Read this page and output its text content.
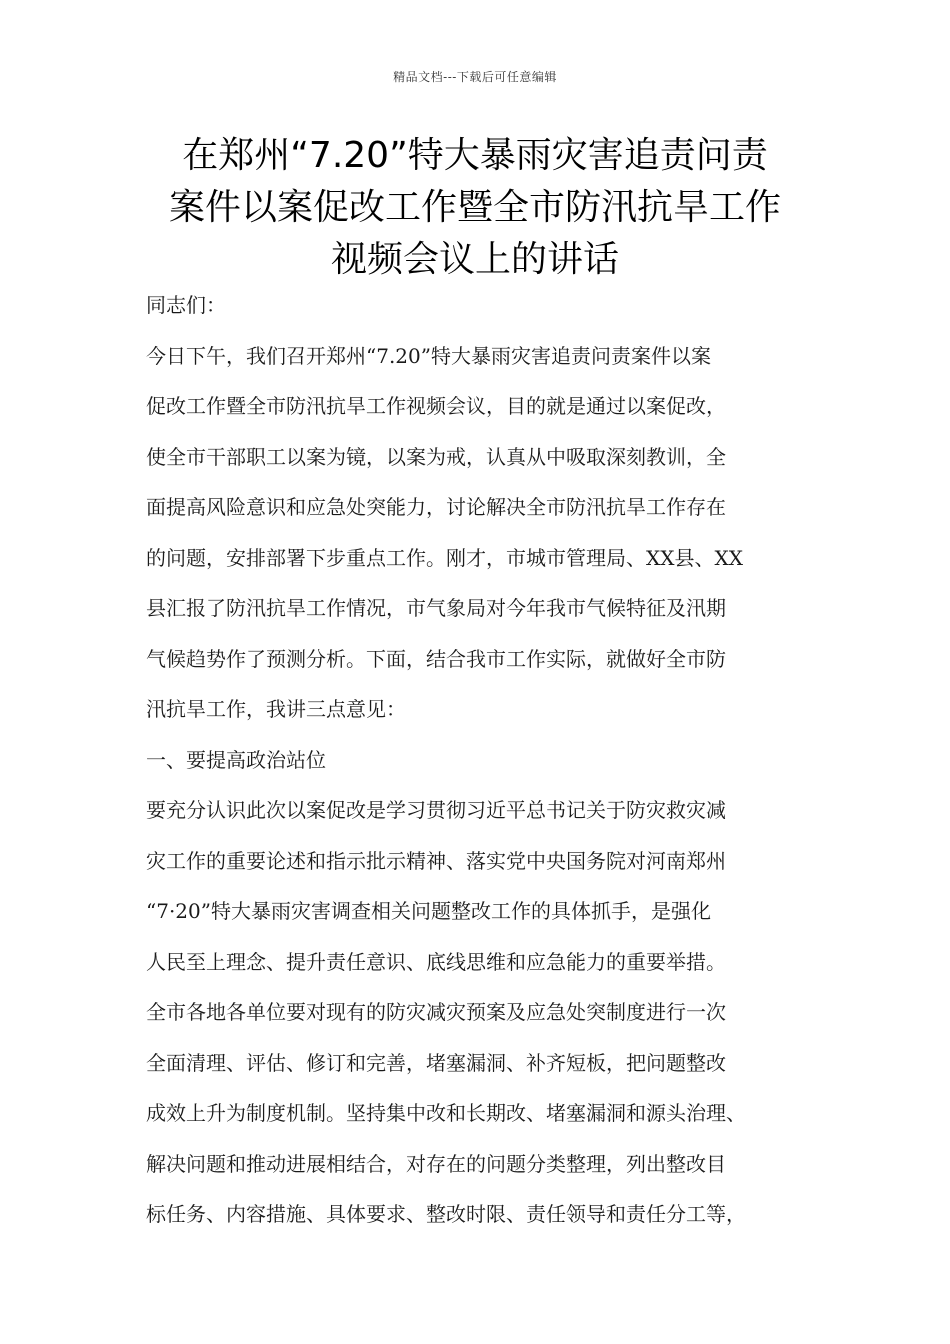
精品文档---下载后可任意编辑
在郑州“7.20”特大暴雨灾害追责问责
案件以案促改工作暨全市防汛抗旱工作
视频会议上的讲话
同志们：
今日下午，我们召开郑州“7.20”特大暴雨灾害追责问责案件以案
促改工作暨全市防汛抗旱工作视频会议，目的就是通过以案促改，
使全市干部职工以案为镜，以案为戒，认真从中吸取深刻教训，全
面提高风险意识和应急处突能力，讨论解决全市防汛抗旱工作存在
的问题，安排部署下步重点工作。刚才，市城市管理局、XX县、XX
县汇报了防汛抗旱工作情况，市气象局对今年我市气候特征及汛期
气候趋势作了预测分析。下面，结合我市工作实际，就做好全市防
汛抗旱工作，我讲三点意见：
一、要提高政治站位
要充分认识此次以案促改是学习贯彻习近平总书记关于防灾救灾减
灾工作的重要论述和指示批示精神、落实党中央国务院对河南郑州
“7·20”特大暴雨灾害调查相关问题整改工作的具体抓手，是强化
人民至上理念、提升责任意识、底线思维和应急能力的重要举措。
全市各地各单位要对现有的防灾减灾预案及应急处突制度进行一次
全面清理、评估、修订和完善，堵塞漏洞、补齐短板，把问题整改
成效上升为制度机制。坚持集中改和长期改、堵塞漏洞和源头治理、
解决问题和推动进展相结合，对存在的问题分类整理，列出整改目
标任务、内容措施、具体要求、整改时限、责任领导和责任分工等，
